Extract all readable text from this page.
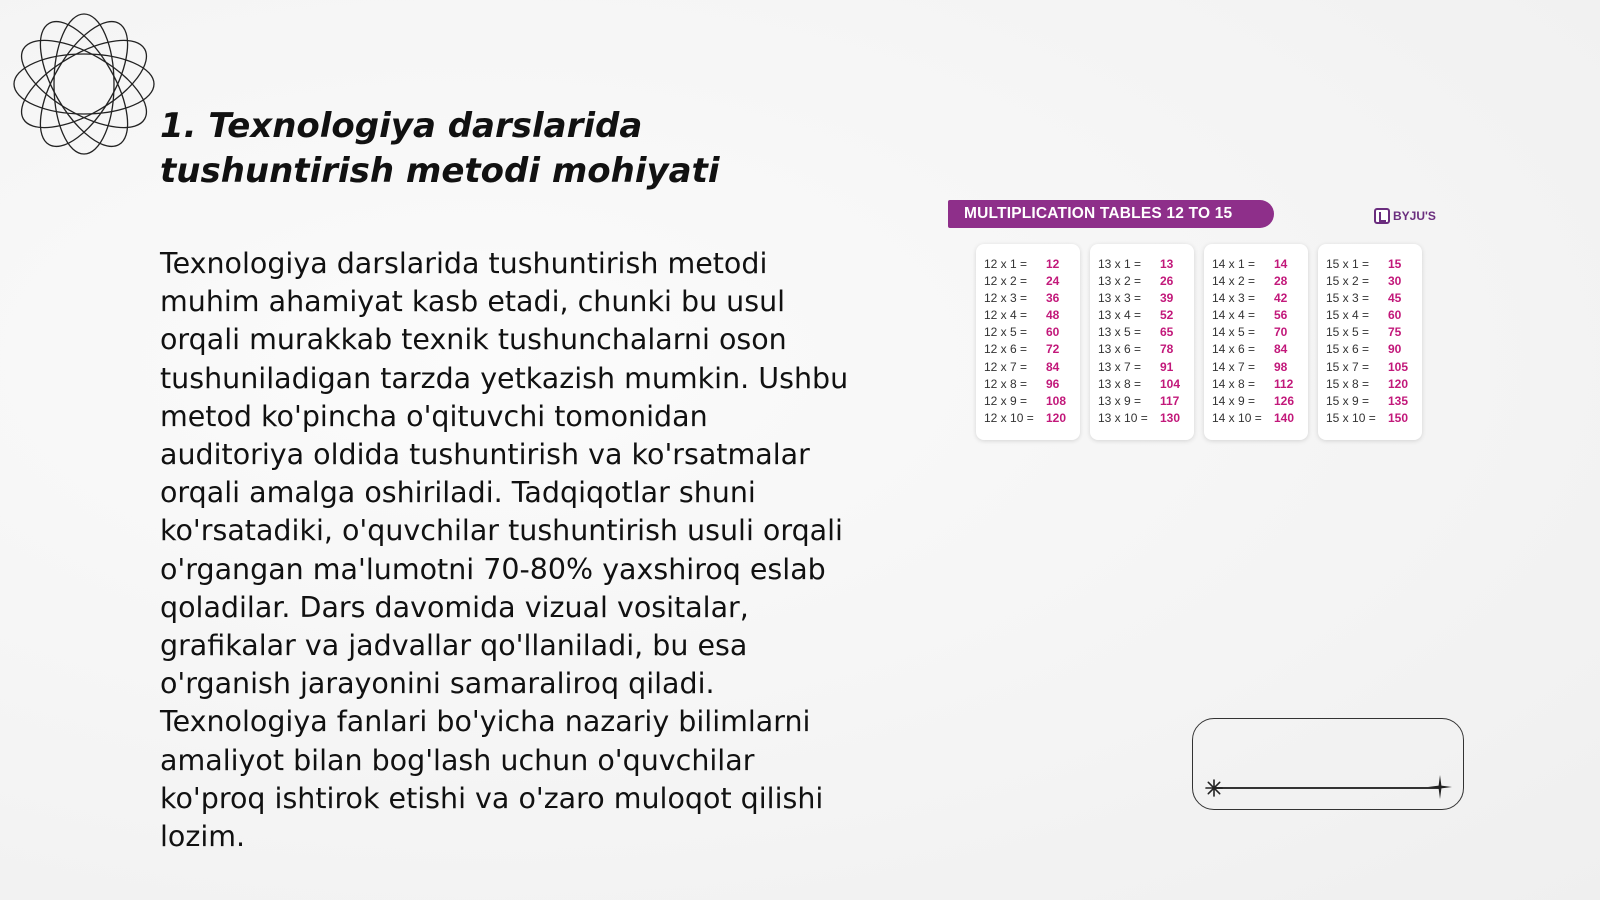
1. Texnologiya darslarida tushuntirish metodi mohiyati

Texnologiya darslarida tushuntirish metodi muhim ahamiyat kasb etadi, chunki bu usul orqali murakkab texnik tushunchalarni oson tushuniladigan tarzda yetkazish mumkin. Ushbu metod ko'pincha o'qituvchi tomonidan auditoriya oldida tushuntirish va ko'rsatmalar orqali amalga oshiriladi. Tadqiqotlar shuni ko'rsatadiki, o'quvchilar tushuntirish usuli orqali o'rgangan ma'lumotni 70-80% yaxshiroq eslab qoladilar. Dars davomida vizual vositalar, grafikalar va jadvallar qo'llaniladi, bu esa o'rganish jarayonini samaraliroq qiladi. Texnologiya fanlari bo'yicha nazariy bilimlarni amaliyot bilan bog'lash uchun o'quvchilar ko'proq ishtirok etishi va o'zaro muloqot qilishi lozim.

MULTIPLICATION TABLES 12 TO 15	BYJU'S
12 x 1 =	12
12 x 2 =	24
12 x 3 =	36
12 x 4 =	48
12 x 5 =	60
12 x 6 =	72
12 x 7 =	84
12 x 8 =	96
12 x 9 =	108
12 x 10 =	120
13 x 1 =	13
13 x 2 =	26
13 x 3 =	39
13 x 4 =	52
13 x 5 =	65
13 x 6 =	78
13 x 7 =	91
13 x 8 =	104
13 x 9 =	117
13 x 10 =	130
14 x 1 =	14
14 x 2 =	28
14 x 3 =	42
14 x 4 =	56
14 x 5 =	70
14 x 6 =	84
14 x 7 =	98
14 x 8 =	112
14 x 9 =	126
14 x 10 =	140
15 x 1 =	15
15 x 2 =	30
15 x 3 =	45
15 x 4 =	60
15 x 5 =	75
15 x 6 =	90
15 x 7 =	105
15 x 8 =	120
15 x 9 =	135
15 x 10 =	150
